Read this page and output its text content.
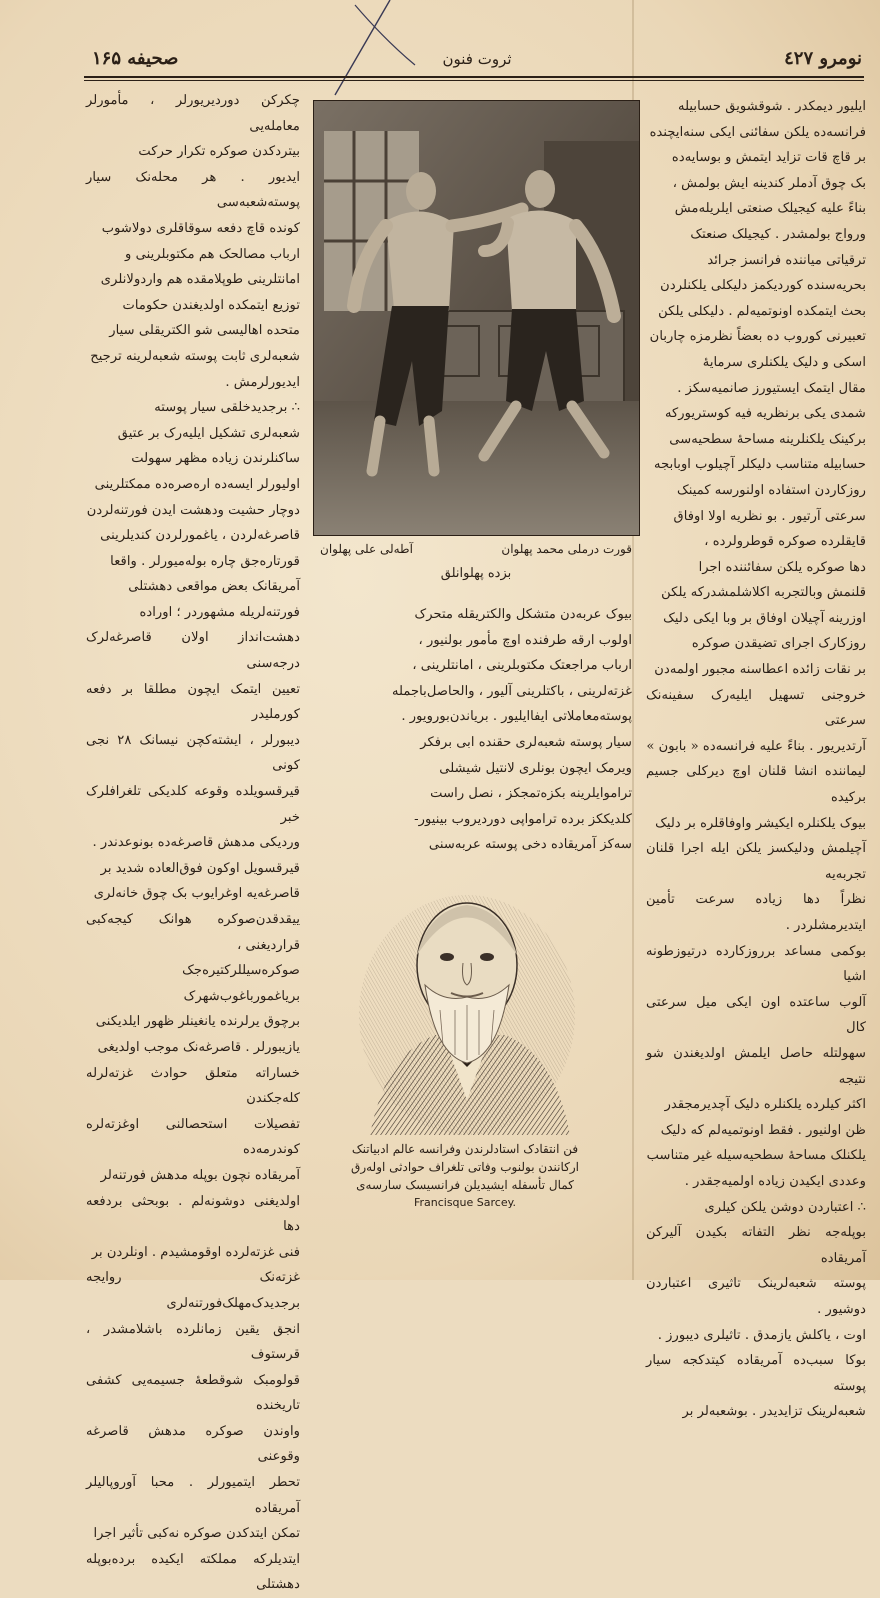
نومرو ٤٢٧
ثروت فنون
صحیفه ۱۶۵

ایلیور دیمکدر . شوقشویق حسابیله

فرانسه‌ده یلکن سفائنی ایکی سنه‌ایچنده

بر قاچ قات تزاید ایتمش و بوسایه‌ده

بک چوق آدملر کندینه ایش بولمش ،

بناءً علیه کیجیلک صنعتی ایلریله‌مش

ورواج بولمشدر . کیجیلک صنعتک

ترقیاتی میاننده فرانسز جرائد

بحریه‌سنده کوردیکمز دلیکلی یلکنلردن

بحث ایتمکده اونوتمیه‌لم . دلیکلی یلکن

تعبیرنی کوروب ده بعضاً نظرمزه چاربان

اسکی و دلیک یلکنلری سرمایه‌ٔ

مقال ایتمک ایستیورز صانمیه‌سکز .

شمدی یکی برنظریه فیه کوستریورکه

برکینک یلکنلرینه مساحه‌ٔ سطحیه‌سی

حسابیله متناسب دلیکلر آچیلوب اوبابجه

روزکاردن استفاده اولنورسه کمینک

سرعتی آرتیور . بو نظریه اولا اوفاق

قایقلرده صوکره قوطرولرده ،

دها صوکره یلکن سفائننده اجرا

قلنمش وبالتجربه اکلاشلمشدرکه یلکن

اوزرینه آچیلان اوفاق بر وبا ایکی دلیک

روزکارک اجرای تضیقدن صوکره

بر نقات زائده اعطاسنه مجبور اولمه‌دن

خروجنی تسهیل ایلیه‌رک سفینه‌نک سرعتی

آرتدیریور . بناءً علیه فرانسه‌ده « بابون »

لیماننده انشا قلنان اوچ دیرکلی جسیم برکیده

بیوک یلکنلره ایکیشر واوفاقلره بر دلیک

آچیلمش ودلیکسز یلکن ایله اجرا قلنان تجربه‌یه

نظراً دها زیاده سرعت تأمین ایتدیرمشلردر .

بوکمی مساعد برروزکارده درتیوزطونه اشیا

آلوب ساعتده اون ایکی میل سرعتی کال

سهولتله حاصل ایلمش اولدیغندن شو نتیجه

اکثر کیلرده یلکنلره دلیک آچدیرمجقدر

ظن اولنیور . فقط اونوتمیه‌لم که دلیک

یلکنلک مساحه‌ٔ سطحیه‌سیله غیر متناسب

وعددی ایکیدن زیاده اولمیه‌جقدر .

∴ اعتباردن دوشن یلکن کیلری

بوپله‌جه نظر التفاته بکیدن آلیرکن آمریقاده

پوسته شعبه‌لرینک تاثیری اعتباردن دوشیور .

اوت ، یاکلش یازمدق . تاثیلری دیبورز .

بوکا سبب‌ده آمریقاده کیتدکجه سیار پوسته

شعبه‌لرینک تزایدیدر . بوشعبه‌لر بر

چکرکن دوردیریورلر ، مأمورلر معامله‌یی

بیتردکدن صوکره تکرار حرکت

ایدیور . هر محله‌نک سیار پوسته‌شعبه‌سی

کونده قاچ دفعه سوقاقلری دولاشوب

ارباب مصالحک هم مکتوبلرینی و

امانتلرینی طوپلامقده هم واردولانلری

توزیع ایتمکده اولدیغندن حکومات

متحده اهالیسی شو الکتریقلی سیار

شعبه‌لری ثابت پوسته شعبه‌لرینه ترجیح

ایدیورلرمش .

∴ برجدیدخلقی سیار پوسته

شعبه‌لری تشکیل ایلیه‌رک بر عتیق

ساکنلرندن زیاده مظهر سهولت

اولیورلر ایسه‌ده اره‌صره‌ده ممکتلرینی

دوچار حشیت ودهشت ایدن فورتنه‌لردن

قاصرغه‌لردن ، یاغمورلردن کندیلرینی

قورتاره‌جق چاره بوله‌میورلر . واقعا

آمریقانک بعض مواقعی دهشتلی

فورتنه‌لریله مشهوردر ؛ اوراده

دهشت‌انداز اولان قاصرغه‌لرک درجه‌سنی

تعیین ایتمک ایچون مطلقا بر دفعه کورملیدر

دیبورلر ، ایشته‌کچن نیسانک ۲۸ نجی کونی

قیرقسویلده وقوعه کلدیکی تلغرافلرک خبر

وردیکی مدهش قاصرغه‌ده بونوعدندر .

قیرقسویل اوکون فوق‌العاده شدید بر

قاصرغه‌یه اوغرایوب بک چوق خانه‌لری

ییقدقدن‌صوکره هوانک کیجه‌کبی قرارديغنی ،

صوکره‌سیللرکتیره‌جک بریاغمورباغوب‌شهرک

برچوق یرلرنده یانغینلر ظهور ایلدیکنی

یازیبورلر . قاصرغه‌نک موجب اولدیغی

خساراته متعلق حوادث غزته‌لرله کله‌جکندن

تفصیلات استحصالنی اوغزته‌لره کوندرمه‌ده

آمریقاده نچون بوپله مدهش فورتنه‌لر

اولدیغنی دوشونه‌لم . بوبحثی بردفعه دها

فنی غزته‌لرده اوقومشیدم . اونلردن بر

غزته‌نک روایجه برجدیدک‌مهلک‌فورتنه‌لری

انجق یقین زمانلرده باشلامشدر ، قرستوف

قولومبک شوقطعهٔ جسیمه‌یی کشفی تاریخنده

واوندن صوکره مدهش قاصرغه وقوعنی

تحطر ایتمیورلر . محبا آوروپالیلر آمریقاده

تمکن ایتدکدن صوکره نه‌کبی تأثیر اجرا

ایتدیلرکه مملکته ایکیده برده‌بوپله دهشتلی

قورت درملی محمد پهلوان
آطه‌لی علی پهلوان
بزده پهلوانلق

بیوک عربه‌دن متشکل والکتریقله متحرک

اولوب ارقه طرفنده اوچ مأمور بولنیور ،

ارباب مراجعتک مکتوبلرینی ، امانتلرینی ،

غزته‌لرینی ، باکتلرینی آلیور ، والحاصل‌باجمله

پوسته‌معاملاتی ایفاایلیور . بریاندن‌بورویور .

سیار پوسته شعبه‌لری حقنده ابی برفکر

ویرمک ایچون بونلری لانتیل شیشلی

تراموایلرینه بکزه‌تمجکز ، نصل راست

کلدیککز برده ترامواپی دوردیروب بینیور-

سه‌کز آمریقاده دخی پوسته عربه‌سنی

فن انتقادک استادلرندن وفرانسه عالم ادبیاتنک
ارکانندن بولنوب وفاتی تلغراف حوادثی اوله‌رق
کمال تأسفله ایشیدیلن فرانسیسک سارسه‌ی
Francisque Sarcey.
